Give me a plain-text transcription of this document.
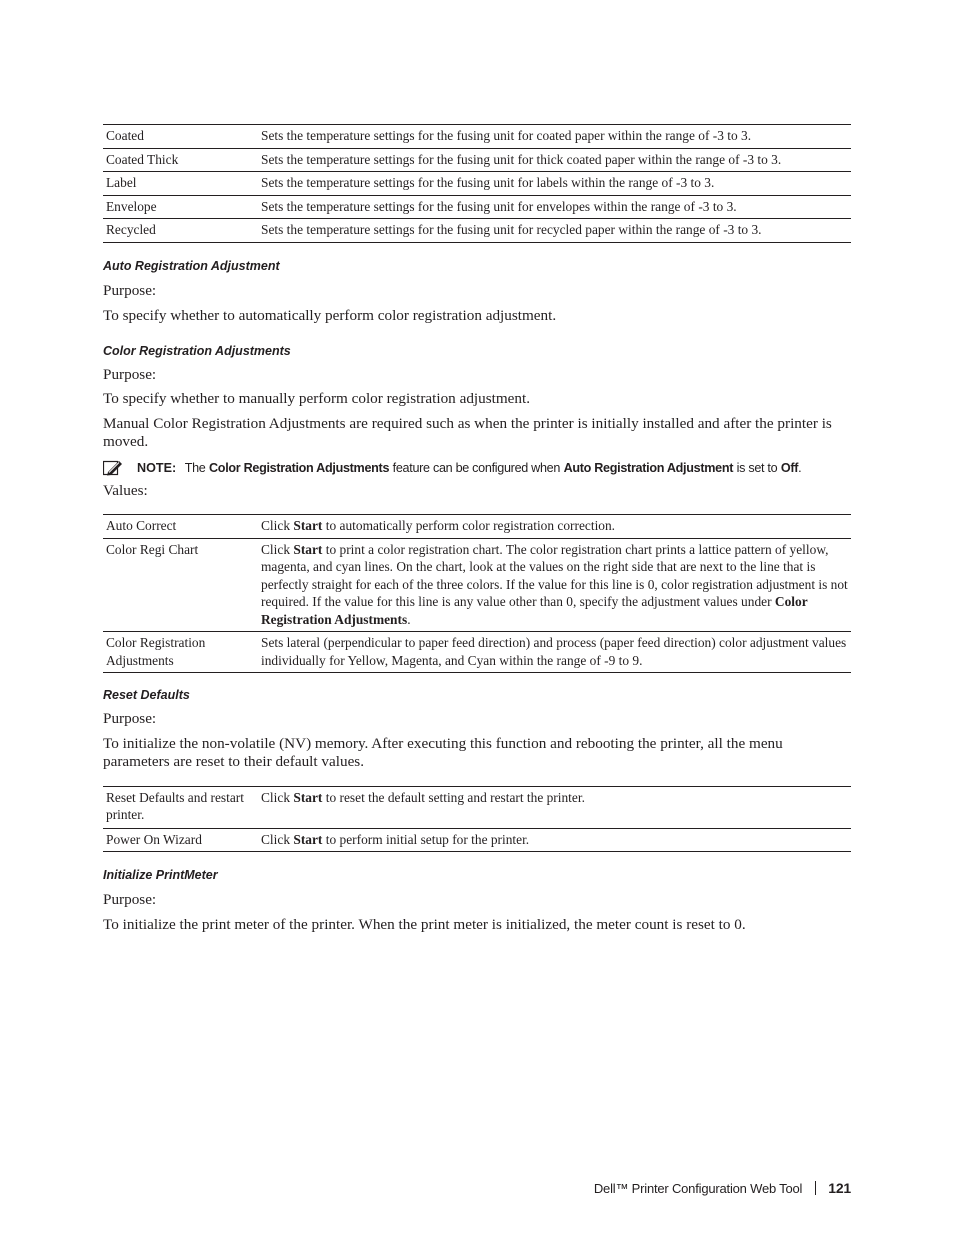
Coated	Sets the temperature settings for the fusing unit for coated paper within the range of -3 to 3.
Coated Thick	Sets the temperature settings for the fusing unit for thick coated paper within the range of -3 to 3.
Label	Sets the temperature settings for the fusing unit for labels within the range of -3 to 3.
Envelope	Sets the temperature settings for the fusing unit for envelopes within the range of -3 to 3.
Recycled	Sets the temperature settings for the fusing unit for recycled paper within the range of -3 to 3.
Auto Registration Adjustment

Purpose:

To specify whether to automatically perform color registration adjustment.

Color Registration Adjustments

Purpose:

To specify whether to manually perform color registration adjustment.

Manual Color Registration Adjustments are required such as when the printer is initially installed and after the printer is moved.

NOTE: The Color Registration Adjustments feature can be configured when Auto Registration Adjustment is set to Off.

Values:

Auto Correct	Click Start to automatically perform color registration correction.
Color Regi Chart	Click Start to print a color registration chart. The color registration chart prints a lattice pattern of yellow, magenta, and cyan lines. On the chart, look at the values on the right side that are next to the line that is perfectly straight for each of the three colors. If the value for this line is 0, color registration adjustment is not required. If the value for this line is any value other than 0, specify the adjustment values under Color Registration Adjustments.
Color Registration Adjustments	Sets lateral (perpendicular to paper feed direction) and process (paper feed direction) color adjustment values individually for Yellow, Magenta, and Cyan within the range of -9 to 9.
Reset Defaults

Purpose:

To initialize the non-volatile (NV) memory. After executing this function and rebooting the printer, all the menu parameters are reset to their default values.

Reset Defaults and restart printer.	Click Start to reset the default setting and restart the printer.
Power On Wizard	Click Start to perform initial setup for the printer.
Initialize PrintMeter

Purpose:

To initialize the print meter of the printer. When the print meter is initialized, the meter count is reset to 0.

Dell™ Printer Configuration Web Tool 121
